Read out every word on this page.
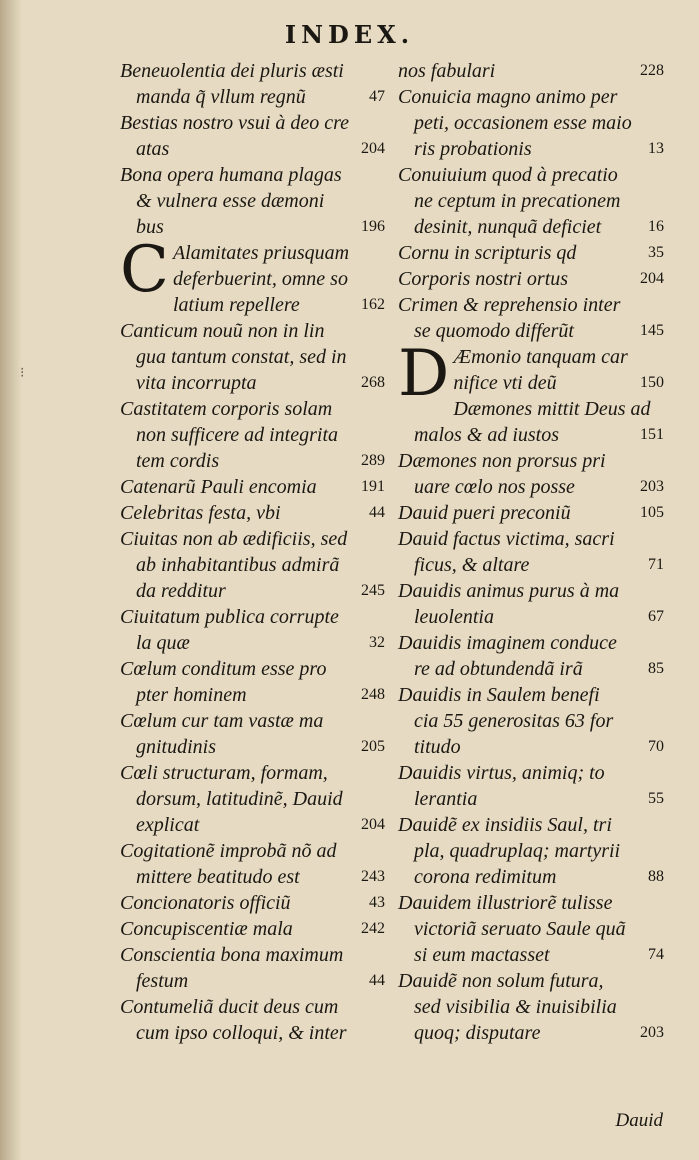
INDEX.
⁝
Beneuolentia dei pluris æsti
manda q̃ vllum regnũ	47
Bestias nostro vsui à deo cre
atas	204
Bona opera humana plagas
& vulnera esse dæmoni
bus	196
C Alamitates priusquam
deferbuerint, omne so
latium repellere	162
Canticum nouũ non in lin
gua tantum constat, sed in
vita incorrupta	268
Castitatem corporis solam
non sufficere ad integrita
tem cordis	289
Catenarũ Pauli encomia	191
Celebritas festa, vbi	44
Ciuitas non ab ædificiis, sed
ab inhabitantibus admirã
da redditur	245
Ciuitatum publica corrupte
la quæ	32
Cœlum conditum esse pro
pter hominem	248
Cœlum cur tam vastæ ma
gnitudinis	205
Cœli structuram, formam,
dorsum, latitudinẽ, Dauid
explicat	204
Cogitationẽ improbã nõ ad
mittere beatitudo est	243
Concionatoris officiũ	43
Concupiscentiæ mala	242
Conscientia bona maximum
festum	44
Contumeliã ducit deus cum
cum ipso colloqui, & inter
nos fabulari	228
Conuicia magno animo per
peti, occasionem esse maio
ris probationis	13
Conuiuium quod à precatio
ne ceptum in precationem
desinit, nunquã deficiet	16
Cornu in scripturis qd	35
Corporis nostri ortus	204
Crimen & reprehensio inter
se quomodo differũt	145
D Æmonio tanquam car
nifice vti deũ	150
Dæmones mittit Deus ad
malos & ad iustos	151
Dæmones non prorsus pri
uare cœlo nos posse	203
Dauid pueri preconiũ	105
Dauid factus victima, sacri
ficus, & altare	71
Dauidis animus purus à ma
leuolentia	67
Dauidis imaginem conduce
re ad obtundendã irã	85
Dauidis in Saulem benefi
cia 55 generositas 63 for
titudo	70
Dauidis virtus, animiq; to
lerantia	55
Dauidẽ ex insidiis Saul, tri
pla, quadruplaq; martyrii
corona redimitum	88
Dauidem illustriorẽ tulisse
victoriã seruato Saule quã
si eum mactasset	74
Dauidẽ non solum futura,
sed visibilia & inuisibilia
quoq; disputare	203
Dauid
